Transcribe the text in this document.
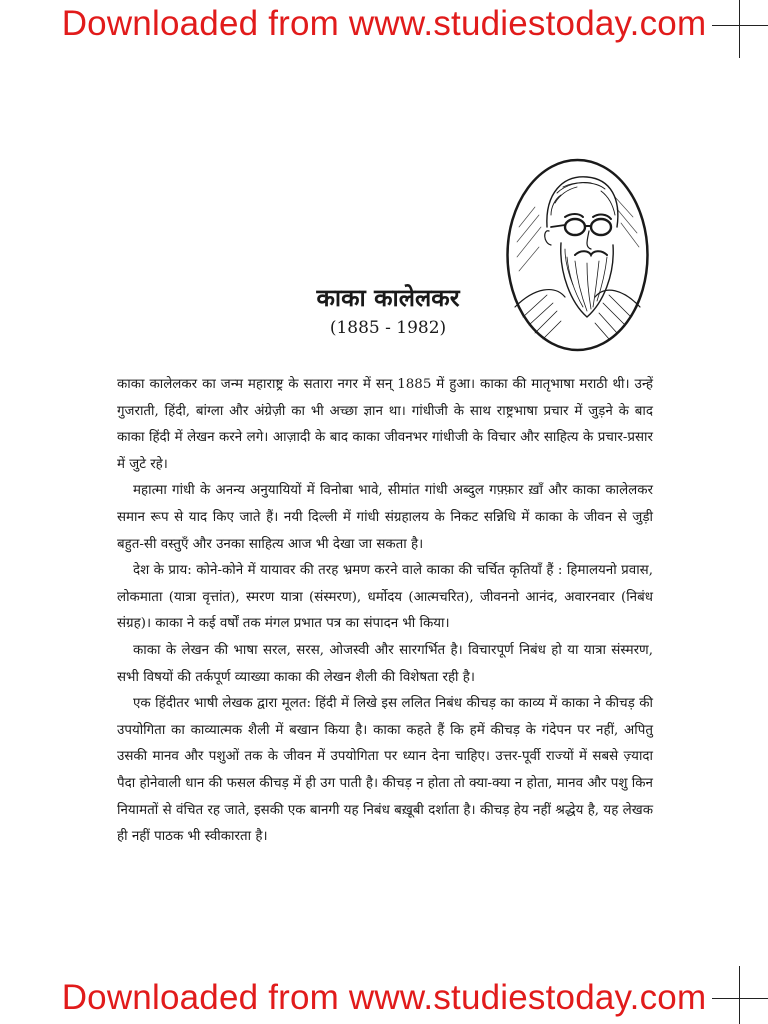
Downloaded from www.studiestoday.com
काका कालेलकर
(1885 - 1982)

काका कालेलकर का जन्म महाराष्ट्र के सतारा नगर में सन् 1885 में हुआ। काका की मातृभाषा मराठी थी। उन्हें गुजराती, हिंदी, बांग्ला और अंग्रेज़ी का भी अच्छा ज्ञान था। गांधीजी के साथ राष्ट्रभाषा प्रचार में जुड़ने के बाद काका हिंदी में लेखन करने लगे। आज़ादी के बाद काका जीवनभर गांधीजी के विचार और साहित्य के प्रचार-प्रसार में जुटे रहे।

महात्मा गांधी के अनन्य अनुयायियों में विनोबा भावे, सीमांत गांधी अब्दुल गफ़्फ़ार ख़ाँ और काका कालेलकर समान रूप से याद किए जाते हैं। नयी दिल्ली में गांधी संग्रहालय के निकट सन्निधि में काका के जीवन से जुड़ी बहुत-सी वस्तुएँ और उनका साहित्य आज भी देखा जा सकता है।

देश के प्राय: कोने-कोने में यायावर की तरह भ्रमण करने वाले काका की चर्चित कृतियाँ हैं : हिमालयनो प्रवास, लोकमाता (यात्रा वृत्तांत), स्मरण यात्रा (संस्मरण), धर्मोदय (आत्मचरित), जीवननो आनंद, अवारनवार (निबंध संग्रह)। काका ने कई वर्षों तक मंगल प्रभात पत्र का संपादन भी किया।

काका के लेखन की भाषा सरल, सरस, ओजस्वी और सारगर्भित है। विचारपूर्ण निबंध हो या यात्रा संस्मरण, सभी विषयों की तर्कपूर्ण व्याख्या काका की लेखन शैली की विशेषता रही है।

एक हिंदीतर भाषी लेखक द्वारा मूलत: हिंदी में लिखे इस ललित निबंध कीचड़ का काव्य में काका ने कीचड़ की उपयोगिता का काव्यात्मक शैली में बखान किया है। काका कहते हैं कि हमें कीचड़ के गंदेपन पर नहीं, अपितु उसकी मानव और पशुओं तक के जीवन में उपयोगिता पर ध्यान देना चाहिए। उत्तर-पूर्वी राज्यों में सबसे ज़्यादा पैदा होनेवाली धान की फसल कीचड़ में ही उग पाती है। कीचड़ न होता तो क्या-क्या न होता, मानव और पशु किन नियामतों से वंचित रह जाते, इसकी एक बानगी यह निबंध बख़ूबी दर्शाता है। कीचड़ हेय नहीं श्रद्धेय है, यह लेखक ही नहीं पाठक भी स्वीकारता है।

Downloaded from www.studiestoday.com
